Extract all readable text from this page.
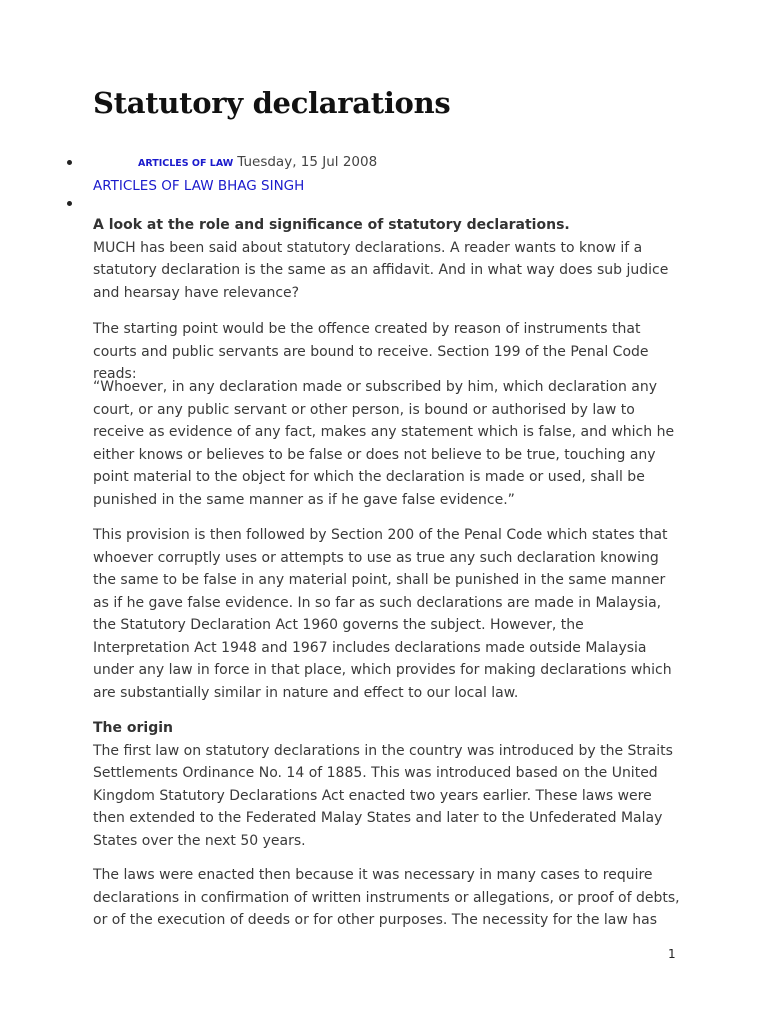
Statutory declarations
ARTICLES OF LAW Tuesday, 15 Jul 2008
ARTICLES OF LAW BHAG SINGH

A look at the role and significance of statutory declarations.
MUCH has been said about statutory declarations. A reader wants to know if a statutory declaration is the same as an affidavit. And in what way does sub judice and hearsay have relevance?

The starting point would be the offence created by reason of instruments that courts and public servants are bound to receive. Section 199 of the Penal Code reads:

“Whoever, in any declaration made or subscribed by him, which declaration any court, or any public servant or other person, is bound or authorised by law to receive as evidence of any fact, makes any statement which is false, and which he either knows or believes to be false or does not believe to be true, touching any point material to the object for which the declaration is made or used, shall be punished in the same manner as if he gave false evidence.”

This provision is then followed by Section 200 of the Penal Code which states that whoever corruptly uses or attempts to use as true any such declaration knowing the same to be false in any material point, shall be punished in the same manner as if he gave false evidence. In so far as such declarations are made in Malaysia, the Statutory Declaration Act 1960 governs the subject. However, the Interpretation Act 1948 and 1967 includes declarations made outside Malaysia under any law in force in that place, which provides for making declarations which are substantially similar in nature and effect to our local law.

The origin
The first law on statutory declarations in the country was introduced by the Straits Settlements Ordinance No. 14 of 1885. This was introduced based on the United Kingdom Statutory Declarations Act enacted two years earlier. These laws were then extended to the Federated Malay States and later to the Unfederated Malay States over the next 50 years.

The laws were enacted then because it was necessary in many cases to require declarations in confirmation of written instruments or allegations, or proof of debts, or of the execution of deeds or for other purposes. The necessity for the law has

1
